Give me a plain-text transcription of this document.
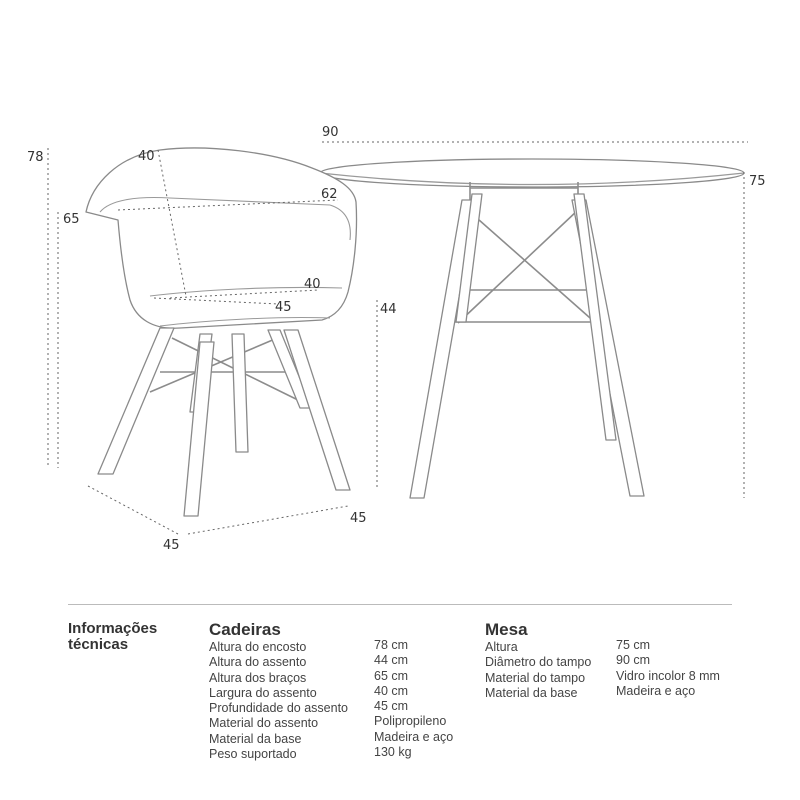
78	40
65
62
40
45	44
45
45
90
75
Informações
técnicas
Cadeiras
Altura do encosto
Altura do assento
Altura dos braços
Largura do assento
Profundidade do assento
Material do assento
Material da base
Peso suportado
78 cm
44 cm
65 cm
40 cm
45 cm
Polipropileno
Madeira e aço
130 kg
Mesa
Altura
Diâmetro do tampo
Material do tampo
Material da base
75 cm
90 cm
Vidro incolor 8 mm
Madeira e aço
